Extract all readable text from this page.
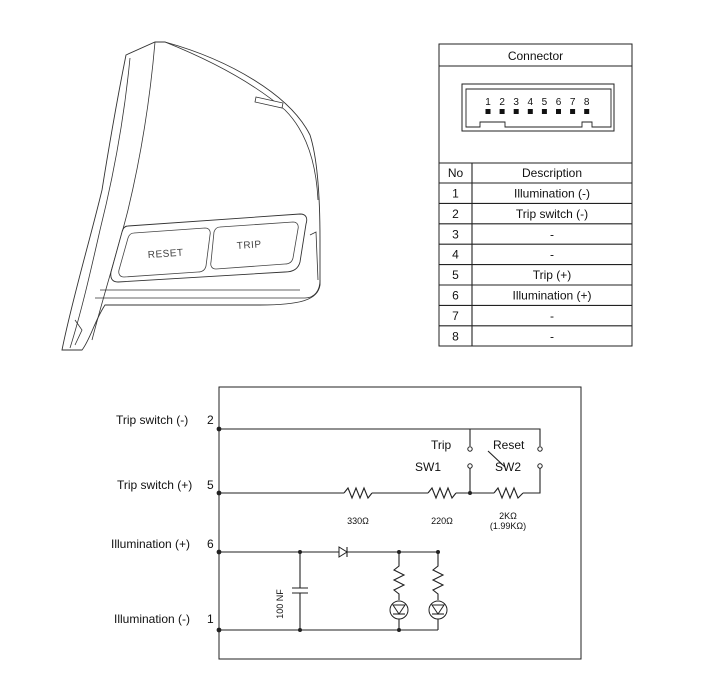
RESET
TRIP
Connector
1 2 3 4 5 6 7 8
No	Description
1	Illumination (-)
2	Trip switch (-)
3	-
4	-
5	Trip (+)
6	Illumination (+)
7	-
8	-
Trip switch (-) 2
Trip switch (+) 5
Illumination (+) 6
Illumination (-) 1
Trip
SW1
Reset
SW2
330Ω	220Ω	2KΩ
(1.99KΩ)
100 NF
